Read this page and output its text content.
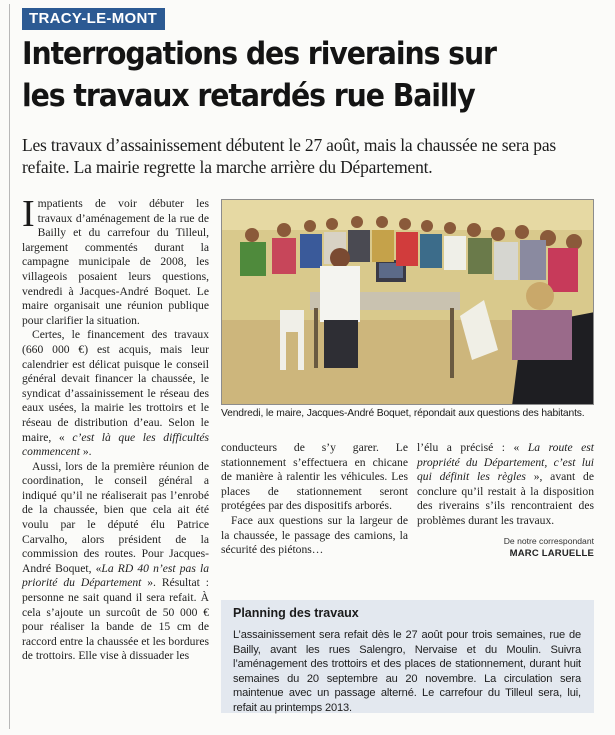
TRACY-LE-MONT
Interrogations des riverains sur
les travaux retardés rue Bailly

Les travaux d’assainissement débutent le 27 août, mais la chaussée ne sera pas refaite. La mairie regrette la marche arrière du Département.

Impatients de voir débuter les travaux d’aménagement de la rue de Bailly et du carrefour du Tilleul, largement commentés durant la campagne municipale de 2008, les villageois posaient leurs questions, vendredi à Jacques-André Boquet. Le maire organisait une réunion publique pour clarifier la situation.

Certes, le financement des travaux (660 000 €) est acquis, mais leur calendrier est délicat puisque le conseil général devait financer la chaussée, le syndicat d’assainissement le réseau des eaux usées, la mairie les trottoirs et le réseau de distribution d’eau. Selon le maire, « c’est là que les difficultés commencent ».

Aussi, lors de la première réunion de coordination, le conseil général a indiqué qu’il ne réaliserait pas l’enrobé de la chaussée, bien que cela ait été voulu par le député élu Patrice Carvalho, alors président de la commission des routes. Pour Jacques-André Boquet, «La RD 40 n’est pas la priorité du Département ». Résultat : personne ne sait quand il sera refait. À cela s’ajoute un surcoût de 50 000 € pour réaliser la bande de 15 cm de raccord entre la chaussée et les bordures de trottoirs. Elle vise à dissuader les

Vendredi, le maire, Jacques-André Boquet, répondait aux questions des habitants.

conducteurs de s’y garer. Le stationnement s’effectuera en chicane de manière à ralentir les véhicules. Les places de stationnement seront protégées par des dispositifs arborés.

Face aux questions sur la largeur de la chaussée, le passage des camions, la sécurité des piétons…

l’élu a précisé : « La route est propriété du Département, c’est lui qui définit les règles », avant de conclure qu’il restait à la disposition des riverains s’ils rencontraient des problèmes durant les travaux.

De notre correspondant
MARC LARUELLE
Planning des travaux

L’assainissement sera refait dès le 27 août pour trois semaines, rue de Bailly, avant les rues Salengro, Nervaise et du Moulin. Suivra l’aménagement des trottoirs et des places de stationnement, durant huit semaines du 20 septembre au 20 novembre. La circulation sera maintenue avec un passage alterné. Le carrefour du Tilleul sera, lui, refait au printemps 2013.
